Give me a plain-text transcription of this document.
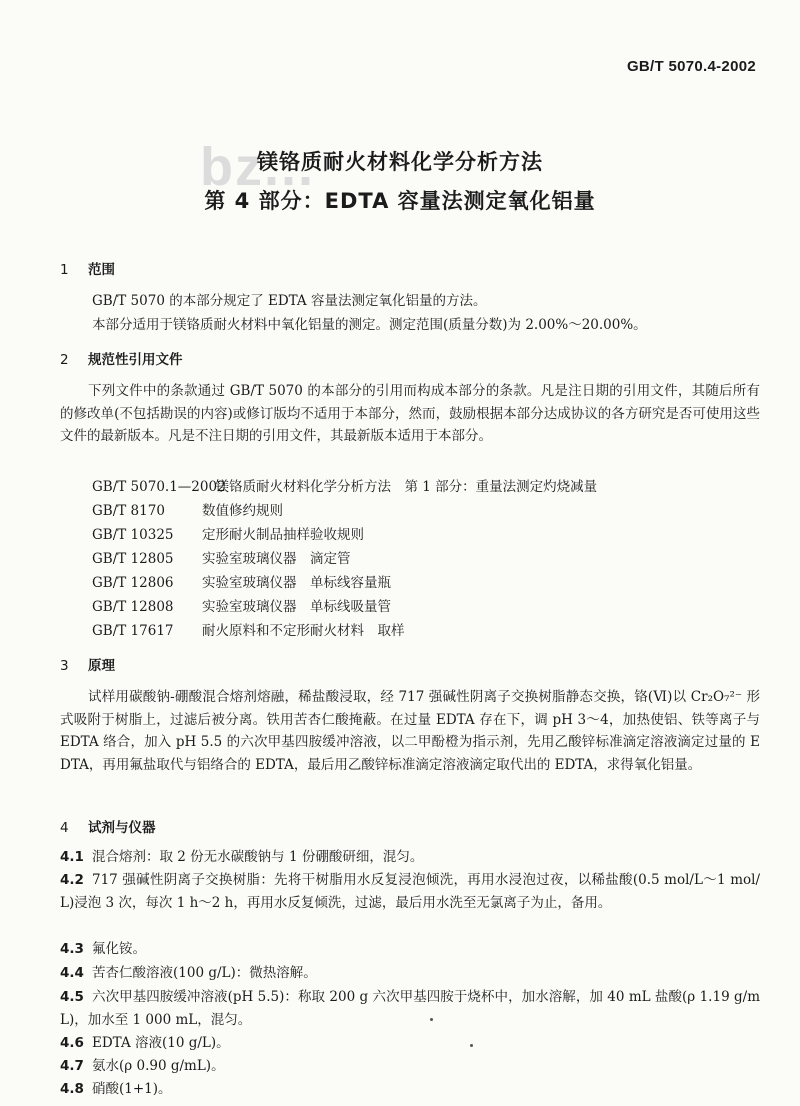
GB/T 5070.4-2002
bz...
镁铬质耐火材料化学分析方法
第 4 部分：EDTA 容量法测定氧化铝量
1 范围
GB/T 5070 的本部分规定了 EDTA 容量法测定氧化铝量的方法。
本部分适用于镁铬质耐火材料中氧化铝量的测定。测定范围(质量分数)为 2.00%～20.00%。
2 规范性引用文件
下列文件中的条款通过 GB/T 5070 的本部分的引用而构成本部分的条款。凡是注日期的引用文件，其随后所有的修改单(不包括勘误的内容)或修订版均不适用于本部分，然而，鼓励根据本部分达成协议的各方研究是否可使用这些文件的最新版本。凡是不注日期的引用文件，其最新版本适用于本部分。
GB/T 5070.1—2002　镁铬质耐火材料化学分析方法　第 1 部分：重量法测定灼烧减量
GB/T 8170	数值修约规则
GB/T 10325 定形耐火制品抽样验收规则
GB/T 12805 实验室玻璃仪器　滴定管
GB/T 12806 实验室玻璃仪器　单标线容量瓶
GB/T 12808 实验室玻璃仪器　单标线吸量管
GB/T 17617 耐火原料和不定形耐火材料　取样
3 原理
试样用碳酸钠-硼酸混合熔剂熔融，稀盐酸浸取，经 717 强碱性阴离子交换树脂静态交换，铬(Ⅵ)以 Cr₂O₇²⁻ 形式吸附于树脂上，过滤后被分离。铁用苦杏仁酸掩蔽。在过量 EDTA 存在下，调 pH 3～4，加热使铝、铁等离子与 EDTA 络合，加入 pH 5.5 的六次甲基四胺缓冲溶液，以二甲酚橙为指示剂，先用乙酸锌标准滴定溶液滴定过量的 EDTA，再用氟盐取代与铝络合的 EDTA，最后用乙酸锌标准滴定溶液滴定取代出的 EDTA，求得氧化铝量。
4 试剂与仪器
4.1 混合熔剂：取 2 份无水碳酸钠与 1 份硼酸研细，混匀。
4.2 717 强碱性阴离子交换树脂：先将干树脂用水反复浸泡倾洗，再用水浸泡过夜，以稀盐酸(0.5 mol/L～1 mol/L)浸泡 3 次，每次 1 h～2 h，再用水反复倾洗，过滤，最后用水洗至无氯离子为止，备用。
4.3 氟化铵。
4.4 苦杏仁酸溶液(100 g/L)：微热溶解。
4.5 六次甲基四胺缓冲溶液(pH 5.5)：称取 200 g 六次甲基四胺于烧杯中，加水溶解，加 40 mL 盐酸(ρ 1.19 g/mL)，加水至 1 000 mL，混匀。
4.6 EDTA 溶液(10 g/L)。
4.7 氨水(ρ 0.90 g/mL)。
4.8 硝酸(1+1)。
